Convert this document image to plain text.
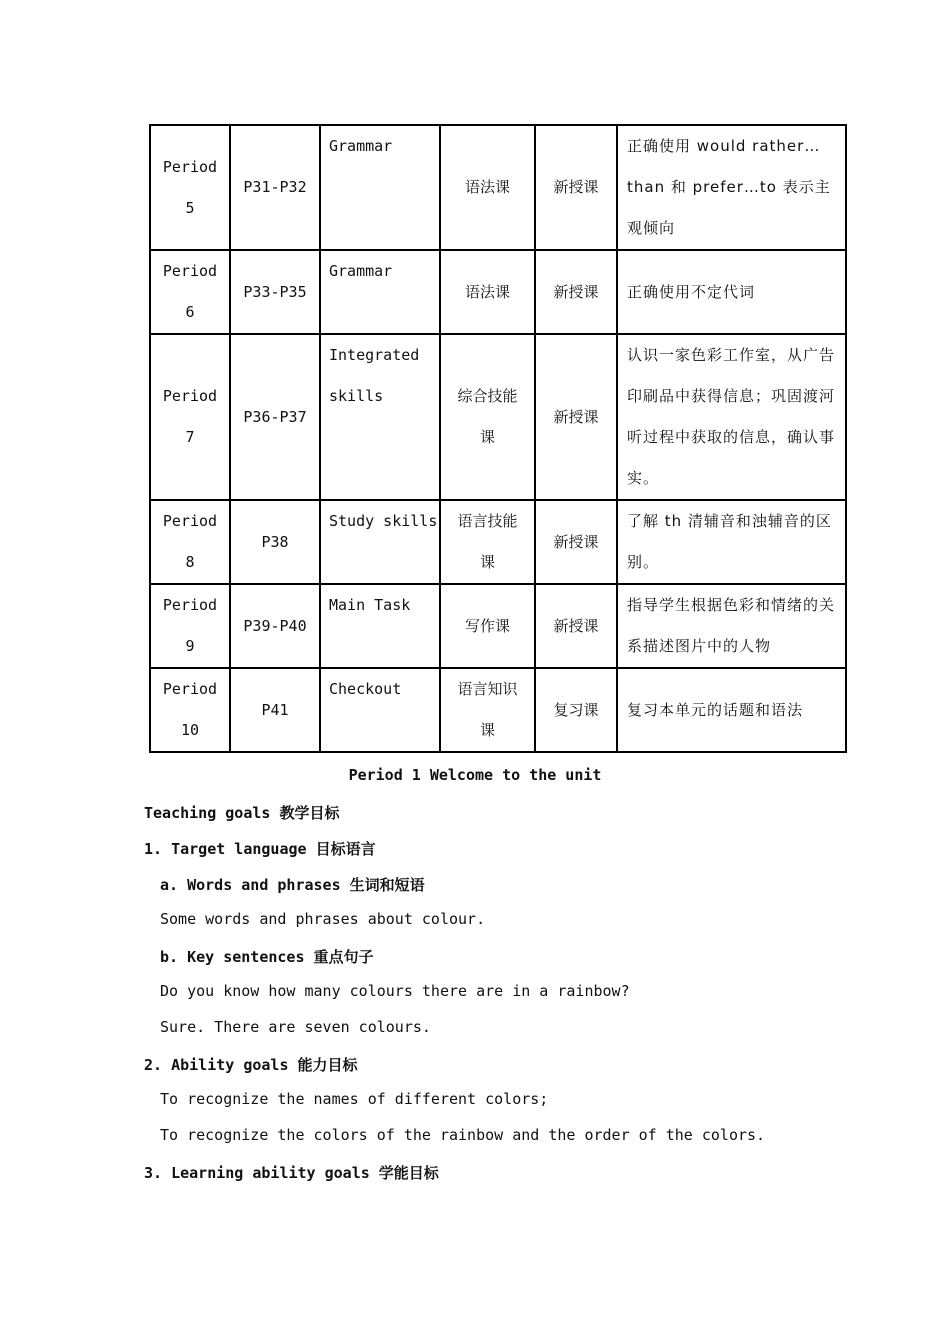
Period 5	P31-P32	Grammar	语法课	新授课	正确使用 would rather…than 和 prefer…to 表示主观倾向

Period 6	P33-P35	Grammar	语法课	新授课	正确使用不定代词

Period 7	P36-P37	Integrated skills	综合技能课	新授课	认识一家色彩工作室，从广告印刷品中获得信息；巩固渡河听过程中获取的信息，确认事实。

Period 8	P38	Study skills	语言技能课	新授课	了解 th 清辅音和浊辅音的区别。

Period 9	P39-P40	Main Task	写作课	新授课	指导学生根据色彩和情绪的关系描述图片中的人物

Period 10	P41	Checkout	语言知识课	复习课	复习本单元的话题和语法
Period 1 Welcome to the unit
Teaching goals 教学目标
1. Target language 目标语言
a. Words and phrases 生词和短语
Some words and phrases about colour.
b. Key sentences 重点句子
Do you know how many colours there are in a rainbow?
Sure. There are seven colours.
2. Ability goals 能力目标
To recognize the names of different colors;
To recognize the colors of the rainbow and the order of the colors.
3. Learning ability goals 学能目标
